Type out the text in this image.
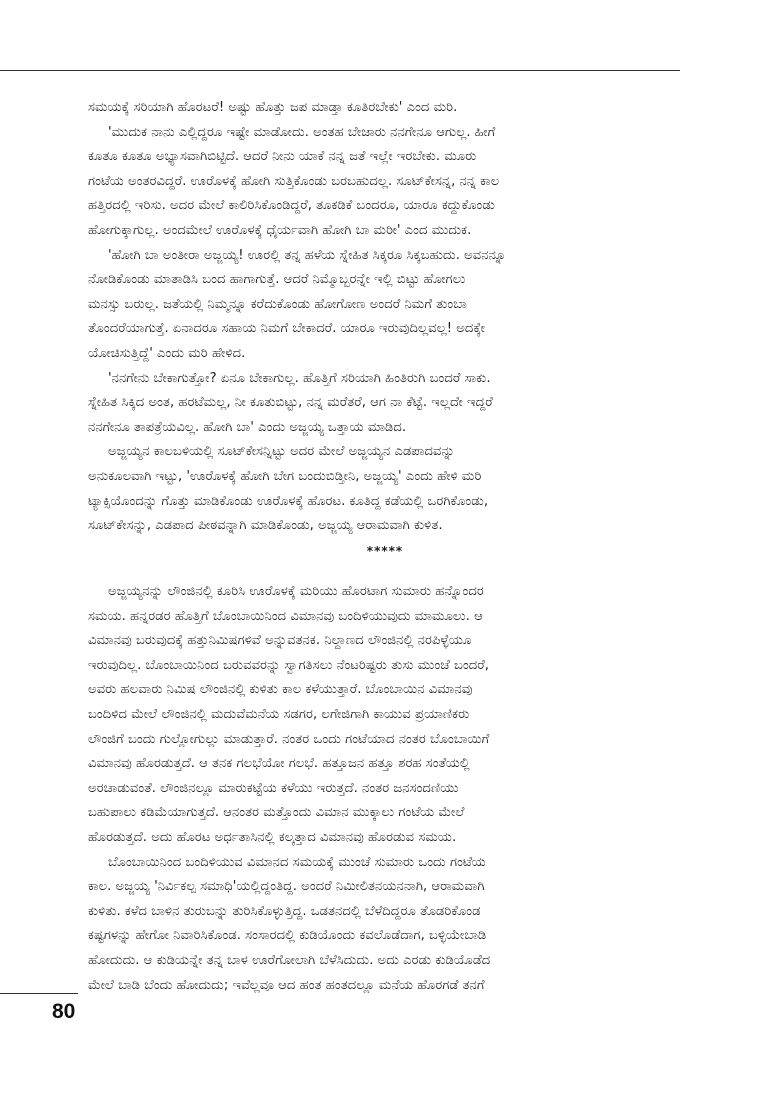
ಸಮಯಕ್ಕೆ ಸರಿಯಾಗಿ ಹೊರಟರೆ! ಅಷ್ಟು ಹೊತ್ತು ಜಪ ಮಾಡ್ತಾ ಕೂತಿರಬೇಕು' ಎಂದ ಮರಿ.

'ಮುದುಕ ನಾನು ಎಲ್ಲಿದ್ದರೂ ಇಷ್ಟೇ ಮಾಡೋದು. ಅಂತಹ ಬೇಜಾರು ನನಗೇನೂ ಆಗುಲ್ಲ. ಹೀಗೆ

ಕೂತೂ ಕೂತೂ ಅಭ್ಯಾಸವಾಗಿಬಿಟ್ಟಿದೆ. ಆದರೆ ನೀನು ಯಾಕೆ ನನ್ನ ಜತೆ ಇಲ್ಲೇ ಇರಬೇಕು. ಮೂರು

ಗಂಟೆಯ ಅಂತರವಿದ್ದರೆ. ಊರೊಳಕ್ಕೆ ಹೋಗಿ ಸುತ್ತಿಕೊಂಡು ಬರಬಹುದಲ್ಲ. ಸೂಟ್‌ಕೇಸನ್ನ, ನನ್ನ ಕಾಲ

ಹತ್ತಿರದಲ್ಲಿ ಇರಿಸು. ಅದರ ಮೇಲೆ ಕಾಲಿರಿಸಿಕೊಂಡಿದ್ದರೆ, ತೂಕಡಿಕೆ ಬಂದರೂ, ಯಾರೂ ಕದ್ದುಕೊಂಡು

ಹೋಗುಕ್ಕಾಗುಲ್ಲ. ಅಂದಮೇಲೆ ಊರೊಳಕ್ಕೆ ಧೈರ್ಯವಾಗಿ ಹೋಗಿ ಬಾ ಮರೀ' ಎಂದ ಮುದುಕ.

'ಹೋಗಿ ಬಾ ಅಂತೀರಾ ಅಜ್ಜಯ್ಯ! ಊರಲ್ಲಿ ತನ್ನ ಹಳೆಯ ಸ್ನೇಹಿತ ಸಿಕ್ಕರೂ ಸಿಕ್ಕಬಹುದು. ಅವನನ್ನೂ

ನೋಡಿಕೊಂಡು ಮಾತಾಡಿಸಿ ಬಂದ ಹಾಗಾಗುತ್ತೆ. ಆದರೆ ನಿಮ್ಮೊಬ್ಬರನ್ನೇ ಇಲ್ಲಿ ಬಿಟ್ಟು ಹೋಗಲು

ಮನಸ್ಸು ಬರುಲ್ಲ. ಜತೆಯಲ್ಲಿ ನಿಮ್ಮನ್ನೂ ಕರೆದುಕೊಂಡು ಹೋಗೋಣ ಅಂದರೆ ನಿಮಗೆ ತುಂಬಾ

ತೊಂದರೆಯಾಗುತ್ತೆ. ಏನಾದರೂ ಸಹಾಯ ನಿಮಗೆ ಬೇಕಾದರೆ. ಯಾರೂ ಇರುವುದಿಲ್ಲವಲ್ಲ! ಅದಕ್ಕೇ

ಯೋಚಿಸುತ್ತಿದ್ದೆ' ಎಂದು ಮರಿ ಹೇಳಿದ.

'ನನಗೇನು ಬೇಕಾಗುತ್ತೋ? ಏನೂ ಬೇಕಾಗುಲ್ಲ. ಹೊತ್ತಿಗೆ ಸರಿಯಾಗಿ ಹಿಂತಿರುಗಿ ಬಂದರೆ ಸಾಕು.

ಸ್ನೇಹಿತ ಸಿಕ್ಕಿದ ಅಂತ, ಹರಟೆಮಲ್ಲ, ನೀ ಕೂತುಬಿಟ್ಟು, ನನ್ನ ಮರೆತರೆ, ಆಗ ನಾ ಕೆಟ್ಟೆ. ಇಲ್ಲದೇ ಇದ್ದರೆ

ನನಗೇನೂ ತಾಪತ್ರೆಯವಿಲ್ಲ. ಹೋಗಿ ಬಾ' ಎಂದು ಅಜ್ಜಯ್ಯ ಒತ್ತಾಯ ಮಾಡಿದ.

ಅಜ್ಜಯ್ಯನ ಕಾಲಬಳಿಯಲ್ಲಿ ಸೂಟ್‌ಕೇಸನ್ನಿಟ್ಟು ಅದರ ಮೇಲೆ ಅಜ್ಜಯ್ಯನ ಎಡಪಾದವನ್ನು

ಅನುಕೂಲವಾಗಿ ಇಟ್ಟು, 'ಊರೊಳಕ್ಕೆ ಹೋಗಿ ಬೇಗ ಬಂದುಬಿಡ್ತೀನಿ, ಅಜ್ಜಯ್ಯ' ಎಂದು ಹೇಳಿ ಮರಿ

ಟ್ಯಾಕ್ಸಿಯೊಂದನ್ನು ಗೊತ್ತು ಮಾಡಿಕೊಂಡು ಊರೊಳಕ್ಕೆ ಹೊರಟ. ಕೂತಿದ್ದ ಕಡೆಯಲ್ಲಿ ಒರಗಿಕೊಂಡು,

ಸೂಟ್‌ಕೇಸನ್ನು, ಎಡಪಾದ ಪೀಠವನ್ನಾಗಿ ಮಾಡಿಕೊಂಡು, ಅಜ್ಜಯ್ಯ ಆರಾಮವಾಗಿ ಕುಳಿತ.

*****

ಅಜ್ಜಯ್ಯನನ್ನು ಲೌಂಜಿನಲ್ಲಿ ಕೂರಿಸಿ ಊರೊಳಕ್ಕೆ ಮರಿಯು ಹೊರಟಾಗ ಸುಮಾರು ಹನ್ನೊಂದರ

ಸಮಯ. ಹನ್ನರಡರ ಹೊತ್ತಿಗೆ ಬೊಂಬಾಯಿನಿಂದ ವಿಮಾನವು ಬಂದಿಳಿಯುವುದು ಮಾಮೂಲು. ಆ

ವಿಮಾನವು ಬರುವುದಕ್ಕೆ ಹತ್ತುನಿಮಿಷಗಳಿವೆ ಅನ್ನುವತನಕ. ನಿಲ್ದಾಣದ ಲೌಂಜಿನಲ್ಲಿ ನರಪಿಳ್ಳೆಯೂ

ಇರುವುದಿಲ್ಲ. ಬೊಂಬಾಯಿನಿಂದ ಬರುವವರನ್ನು ಸ್ವಾಗತಿಸಲು ನೆಂಟರಿಷ್ಟರು ತುಸು ಮುಂಚೆ ಬಂದರೆ,

ಅವರು ಹಲವಾರು ನಿಮಿಷ ಲೌಂಜಿನಲ್ಲಿ ಕುಳಿತು ಕಾಲ ಕಳೆಯುತ್ತಾರೆ. ಬೊಂಬಾಯಿನ ವಿಮಾನವು

ಬಂದಿಳಿದ ಮೇಲೆ ಲೌಂಜಿನಲ್ಲಿ ಮದುವೆಮನೆಯ ಸಡಗರ, ಲಗೇಜಿಗಾಗಿ ಕಾಯುವ ಪ್ರಯಾಣಿಕರು

ಲೌಂಜಿಗೆ ಬಂದು ಗುಲ್ಲೋಗುಲ್ಲು ಮಾಡುತ್ತಾರೆ. ನಂತರ ಒಂದು ಗಂಟೆಯಾದ ನಂತರ ಬೊಂಬಾಯಿಗೆ

ವಿಮಾನವು ಹೊರಡುತ್ತದೆ. ಆ ತನಕ ಗಲಭೆಯೋ ಗಲಭೆ. ಹತ್ತೂಜನ ಹತ್ತೂ ಶರಹ ಸಂತೆಯಲ್ಲಿ

ಅರಚಾಡುವಂತೆ. ಲೌಂಜಿನಲ್ಲೂ ಮಾರುಕಟ್ಟೆಯ ಕಳೆಯು ಇರುತ್ತದೆ. ನಂತರ ಜನಸಂದಣಿಯು

ಬಹುಪಾಲು ಕಡಿಮೆಯಾಗುತ್ತದೆ. ಆನಂತರ ಮತ್ತೊಂದು ವಿಮಾನ ಮುಕ್ಕಾಲು ಗಂಟೆಯ ಮೇಲೆ

ಹೊರಡುತ್ತದೆ. ಅದು ಹೊರಟ ಅರ್ಧತಾಸಿನಲ್ಲಿ ಕಲ್ಕತ್ತಾದ ವಿಮಾನವು ಹೊರಡುವ ಸಮಯ.

ಬೊಂಬಾಯಿನಿಂದ ಬಂದಿಳಿಯುವ ವಿಮಾನದ ಸಮಯಕ್ಕೆ ಮುಂಚೆ ಸುಮಾರು ಒಂದು ಗಂಟೆಯ

ಕಾಲ. ಅಜ್ಜಯ್ಯ 'ನಿರ್ವಿಕಲ್ಪ ಸಮಾಧಿ'ಯಲ್ಲಿದ್ದಂತಿದ್ದ. ಅಂದರೆ ನಿಮೀಲಿತನಯನನಾಗಿ, ಆರಾಮವಾಗಿ

ಕುಳಿತು. ಕಳೆದ ಬಾಳಿನ ತುರುಬನ್ನು ತುರಿಸಿಕೊಳ್ಳುತ್ತಿದ್ದ. ಒಡತನದಲ್ಲಿ ಬೆಳೆದಿದ್ದರೂ ತೊಡರಿಕೊಂಡ

ಕಷ್ಟಗಳನ್ನು ಹೇಗೋ ನಿವಾರಿಸಿಕೊಂಡ. ಸಂಸಾರದಲ್ಲಿ ಕುಡಿಯೊಂದು ಕವಲೊಡೆದಾಗ, ಬಳ್ಳಿಯೇಬಾಡಿ

ಹೋದುದು. ಆ ಕುಡಿಯನ್ನೇ ತನ್ನ ಬಾಳ ಊರೆಗೋಲಾಗಿ ಬೆಳೆಸಿದುದು. ಅದು ಎರಡು ಕುಡಿಯೊಡೆದ

ಮೇಲೆ ಬಾಡಿ ಬೆಂದು ಹೋದುದು; ಇವೆಲ್ಲವೂ ಆದ ಹಂತ ಹಂತದಲ್ಲೂ ಮನೆಯ ಹೊರಗಡೆ ತನಗೆ

80
